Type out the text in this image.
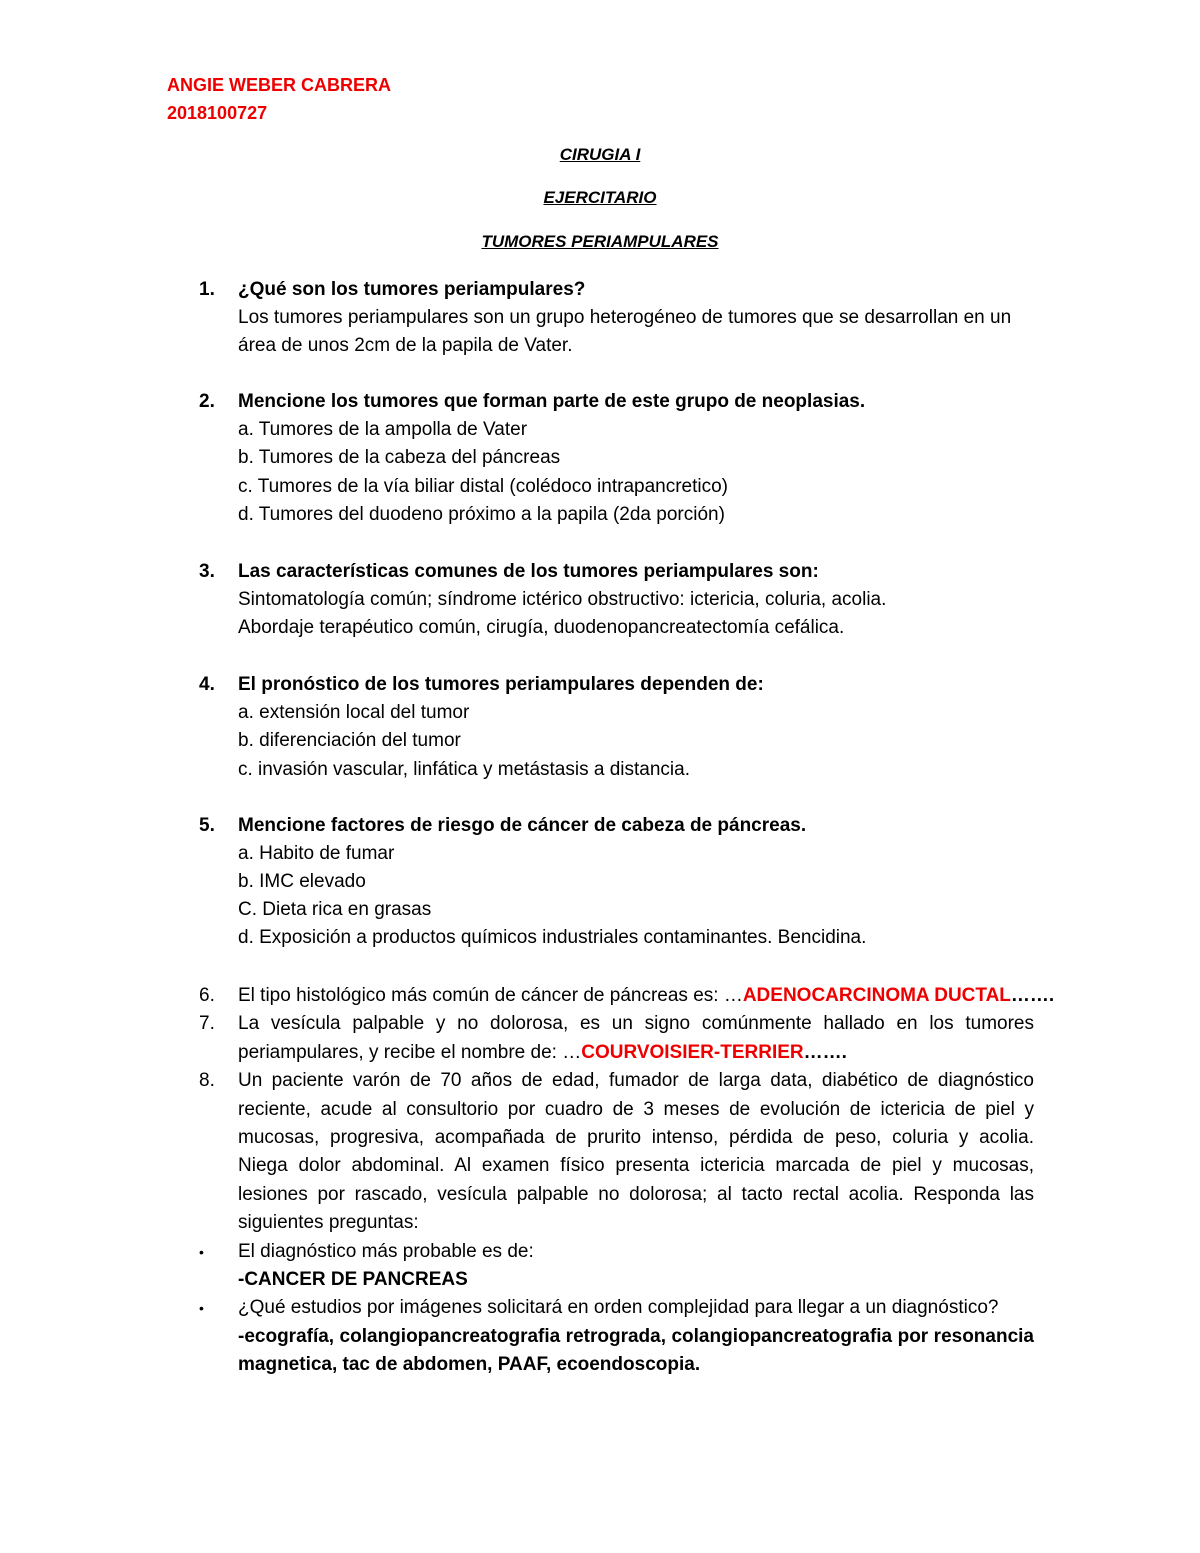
ANGIE WEBER CABRERA
2018100727
CIRUGIA I
EJERCITARIO
TUMORES PERIAMPULARES
1. ¿Qué son los tumores periampulares?
Los tumores periampulares son un grupo heterogéneo de tumores que se desarrollan en un
área de unos 2cm de la papila de Vater.
2. Mencione los tumores que forman parte de este grupo de neoplasias.
a. Tumores de la ampolla de Vater
b. Tumores de la cabeza del páncreas
c. Tumores de la vía biliar distal (colédoco intrapancretico)
d. Tumores del duodeno próximo a la papila (2da porción)
3. Las características comunes de los tumores periampulares son:
Sintomatología común; síndrome ictérico obstructivo: ictericia, coluria, acolia.
Abordaje terapéutico común, cirugía, duodenopancreatectomía cefálica.
4. El pronóstico de los tumores periampulares dependen de:
a. extensión local del tumor
b. diferenciación del tumor
c. invasión vascular, linfática y metástasis a distancia.
5. Mencione factores de riesgo de cáncer de cabeza de páncreas.
a. Habito de fumar
b. IMC elevado
C. Dieta rica en grasas
d. Exposición a productos químicos industriales contaminantes. Bencidina.
6. El tipo histológico más común de cáncer de páncreas es: …ADENOCARCINOMA DUCTAL…….
7. La vesícula palpable y no dolorosa, es un signo comúnmente hallado en los tumores
periampulares, y recibe el nombre de: …COURVOISIER-TERRIER…….
8. Un paciente varón de 70 años de edad, fumador de larga data, diabético de diagnóstico
reciente, acude al consultorio por cuadro de 3 meses de evolución de ictericia de piel y
mucosas, progresiva, acompañada de prurito intenso, pérdida de peso, coluria y acolia.
Niega dolor abdominal. Al examen físico presenta ictericia marcada de piel y mucosas,
lesiones por rascado, vesícula palpable no dolorosa; al tacto rectal acolia. Responda las
siguientes preguntas:
• El diagnóstico más probable es de:
-CANCER DE PANCREAS
• ¿Qué estudios por imágenes solicitará en orden complejidad para llegar a un diagnóstico?
-ecografía, colangiopancreatografia retrograda, colangiopancreatografia por resonancia
magnetica, tac de abdomen, PAAF, ecoendoscopia.
